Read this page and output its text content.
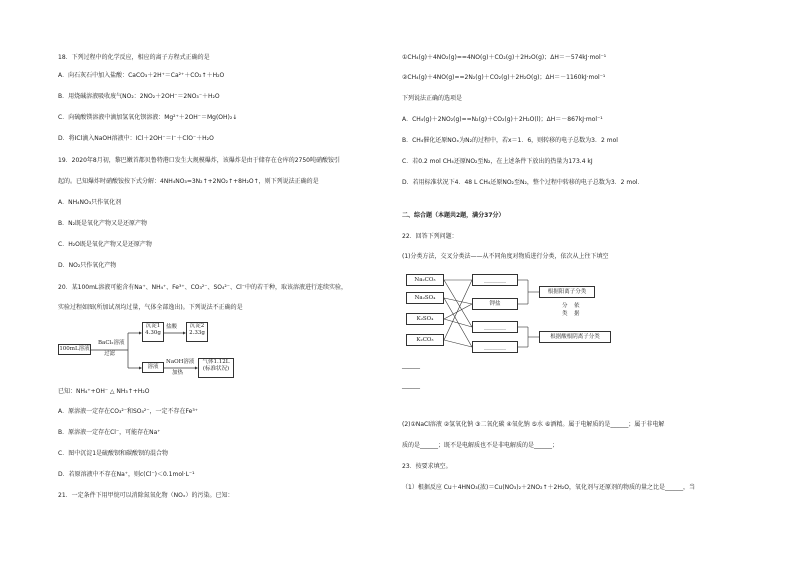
18．下列过程中的化学反应，相应的离子方程式正确的是
A．向石灰石中加入盐酸：CaCO₃＋2H⁺＝Ca²⁺＋CO₂↑＋H₂O
B．用烧碱溶液吸收废气NO₂：2NO₂＋2OH⁻＝2NO₃⁻＋H₂O
C．向硫酸镁溶液中滴加氢氧化钡溶液：Mg²⁺＋2OH⁻＝Mg(OH)₂↓
D．将ICl滴入NaOH溶液中：ICl＋2OH⁻＝I⁻＋ClO⁻＋H₂O
19．2020年8月初，黎巴嫩首都贝鲁特港口发生大规模爆炸，该爆炸是由于储存在仓库的2750吨硝酸铵引
起的。已知爆炸时硝酸铵按下式分解：4NH₄NO₃=3N₂↑+2NO₂↑+8H₂O↑，则下列说法正确的是
A．NH₄NO₃只作氧化剂
B．N₂既是氧化产物又是还原产物
C．H₂O既是氧化产物又是还原产物
D．NO₂只作氧化产物
20．某100mL溶液可能含有Na⁺、NH₄⁺、Fe³⁺、CO₃²⁻、SO₄²⁻、Cl⁻中的若干种，取该溶液进行连续实验，
实验过程如图(所加试剂均过量，气体全部逸出)。下列说法不正确的是
100mL溶液
BaCl₂溶液
过滤
沉淀1
4.30g
盐酸	沉淀2
2.33g
溶液
NaOH溶液
加热
气体1.12L
(标准状况)
已知：NH₄⁺+OH⁻ △ NH₃↑+H₂O
A．原溶液一定存在CO₃²⁻和SO₄²⁻，一定不存在Fe³⁺
B．原溶液一定存在Cl⁻，可能存在Na⁺
C．图中沉淀1是硫酸钡和碳酸钡的混合物
D．若原溶液中不存在Na⁺，则c(Cl⁻)＜0.1mol·L⁻¹
21．一定条件下用甲烷可以消除氮氧化物（NOₓ）的污染。已知：
①CH₄(g)＋4NO₂(g)==4NO(g)＋CO₂(g)＋2H₂O(g)；ΔH＝－574kJ·mol⁻¹
②CH₄(g)＋4NO(g)==2N₂(g)＋CO₂(g)＋2H₂O(g)；ΔH＝－1160kJ·mol⁻¹
下列说法正确的选项是
A．CH₄(g)＋2NO₂(g)==N₂(g)＋CO₂(g)＋2H₂O(l)；ΔH＝－867kJ·mol⁻¹
B．CH₄催化还原NOₓ为N₂的过程中，若x＝1．6，则转移的电子总数为3．2 mol
C．若0.2 mol CH₄还原NO₂至N₂，在上述条件下放出的热量为173.4 kJ
D．若用标准状况下4．48 L CH₄还原NO₂至N₂，整个过程中转移的电子总数为3．2 mol．
二、综合题（本题共2题，满分37分）
22．回答下列问题：
(1)分类方法，交叉分类法——从不同角度对物质进行分类，依次从上往下填空
Na₂CO₃
Na₂SO₄
K₂SO₄
K₂CO₃
________
钾盐
________
________
根据阳离子分类
根据酸根阴离子分类
分
类
依
据
______
______
(2)①NaCl溶液 ②氢氧化钠 ③二氧化碳 ④氧化钠 ⑤水 ⑥酒精。属于电解质的是______；属于非电解
质的是______；既不是电解质也不是非电解质的是______；
23．按要求填空。
（1）根据反应 Cu＋4HNO₃(浓)＝Cu(NO₃)₂＋2NO₂↑＋2H₂O，氧化剂与还原剂的物质的量之比是______，当
